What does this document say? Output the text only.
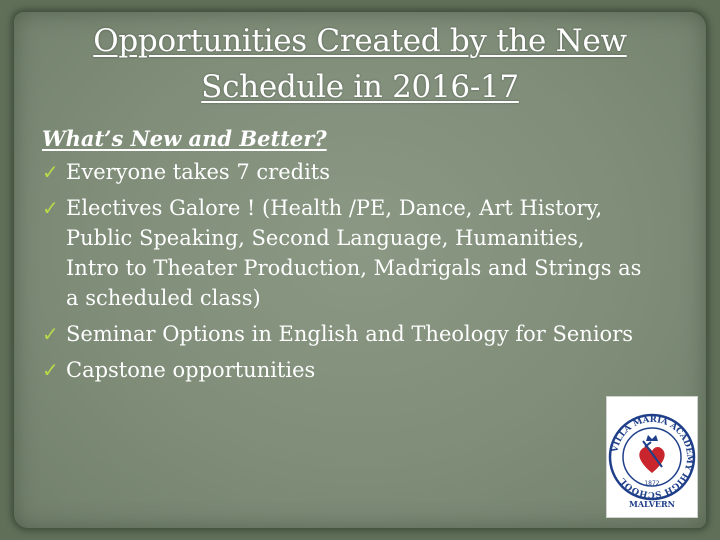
Opportunities Created by the New
Schedule in 2016-17
What’s New and Better?
✓ Everyone takes 7 credits
✓ Electives Galore ! (Health /PE, Dance, Art History, Public Speaking, Second Language, Humanities, Intro to Theater Production, Madrigals and Strings as a scheduled class)
✓ Seminar Options in English and Theology for Seniors
✓ Capstone opportunities
VILLA MARIA ACADEMY HIGH SCHOOL	1872
MALVERN
